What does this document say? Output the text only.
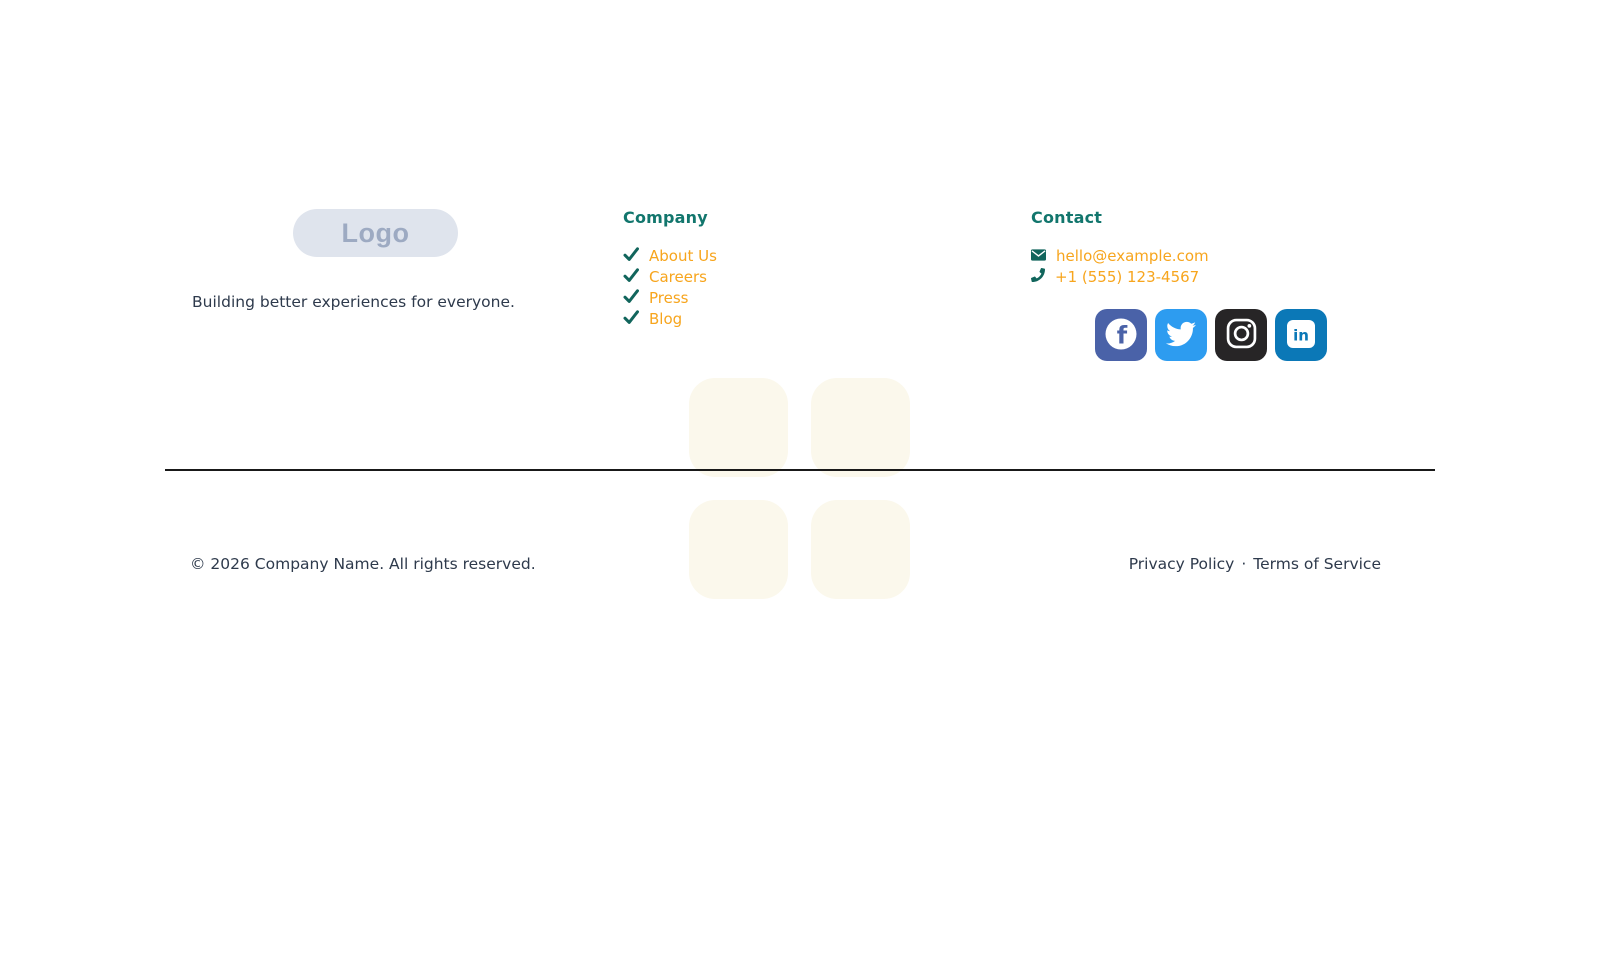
Logo
Building better experiences for everyone.
Company
About Us
Careers
Press
Blog
Contact
hello@example.com
+1 (555) 123-4567
f	in
© 2026 Company Name. All rights reserved.	Privacy Policy · Terms of Service
